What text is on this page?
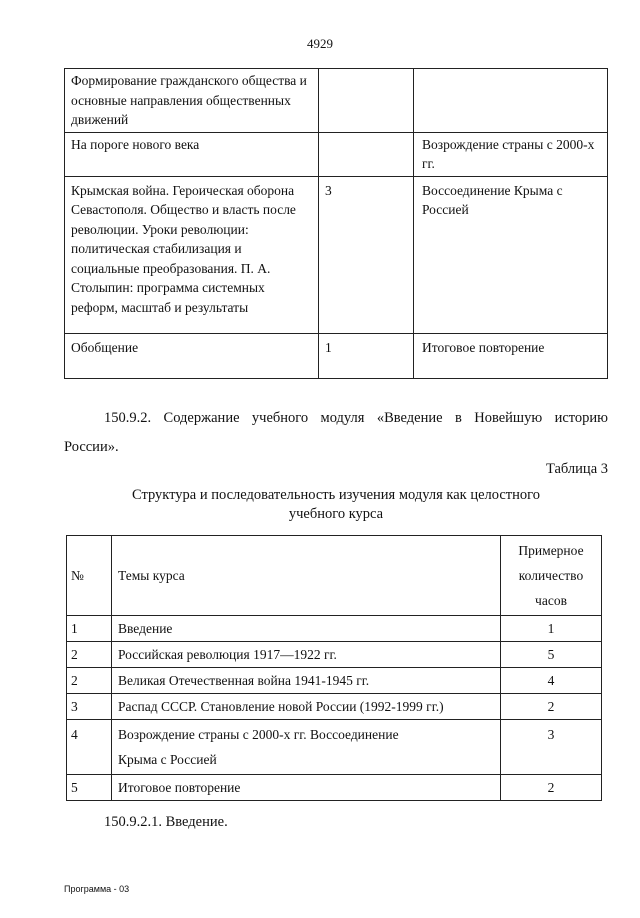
4929
Формирование гражданского общества и основные направления общественных движений		
На пороге нового века		Возрождение страны с 2000-х гг.
Крымская война. Героическая оборона Севастополя. Общество и власть после революции. Уроки революции: политическая стабилизация и социальные преобразования. П. А. Столыпин: программа системных реформ, масштаб и результаты	3	Воссоединение Крыма с Россией
Обобщение	1	Итоговое повторение
150.9.2. Содержание учебного модуля «Введение в Новейшую историю России».
Таблица 3
Структура и последовательность изучения модуля как целостного
учебного курса
№	Темы курса	Примерное
количество
часов

1	Введение	1
2	Российская революция 1917—1922 гг.	5
2	Великая Отечественная война 1941-1945 гг.	4
3	Распад СССР. Становление новой России (1992-1999 гг.)	2
4	Возрождение страны с 2000-х гг. Воссоединение
Крыма с Россией	3
5	Итоговое повторение	2
150.9.2.1. Введение.
Программа - 03
